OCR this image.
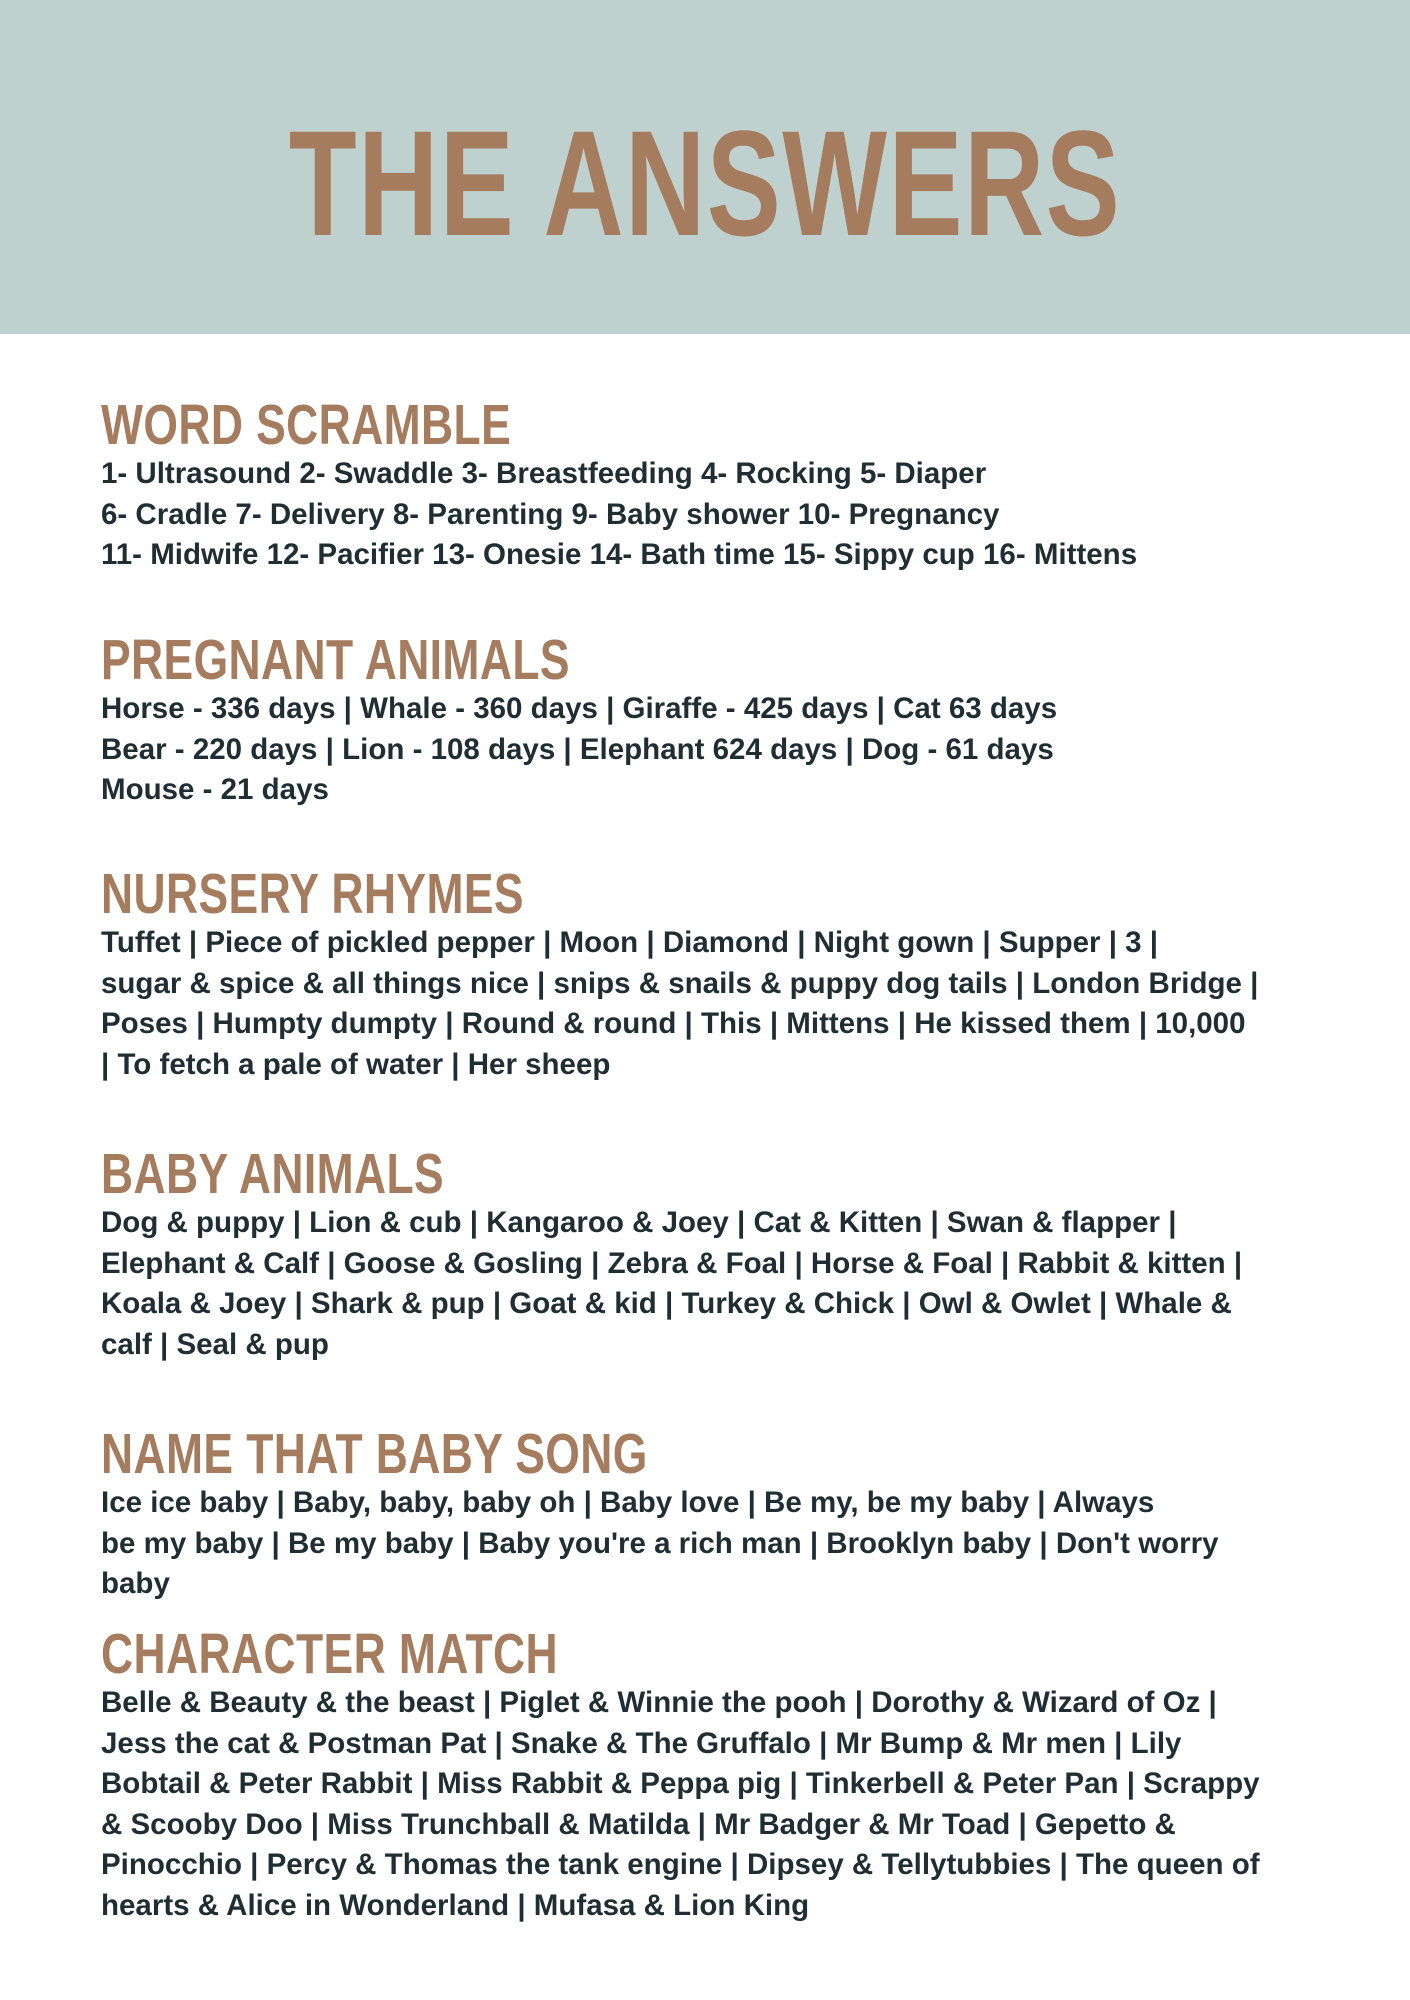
THE ANSWERS
WORD SCRAMBLE

1- Ultrasound 2- Swaddle 3- Breastfeeding 4- Rocking 5- Diaper
6- Cradle 7- Delivery 8- Parenting 9- Baby shower 10- Pregnancy
11- Midwife 12- Pacifier 13- Onesie 14- Bath time 15- Sippy cup 16- Mittens

PREGNANT ANIMALS

Horse - 336 days | Whale - 360 days | Giraffe - 425 days | Cat 63 days
Bear - 220 days | Lion - 108 days | Elephant 624 days | Dog - 61 days
Mouse - 21 days

NURSERY RHYMES

Tuffet | Piece of pickled pepper | Moon | Diamond | Night gown | Supper | 3 |
sugar & spice & all things nice | snips & snails & puppy dog tails | London Bridge |
Poses | Humpty dumpty | Round & round | This | Mittens | He kissed them | 10,000
| To fetch a pale of water | Her sheep

BABY ANIMALS

Dog & puppy | Lion & cub | Kangaroo & Joey | Cat & Kitten | Swan & flapper |
Elephant & Calf | Goose & Gosling | Zebra & Foal | Horse & Foal | Rabbit & kitten |
Koala & Joey | Shark & pup | Goat & kid | Turkey & Chick | Owl & Owlet | Whale &
calf | Seal & pup

NAME THAT BABY SONG

Ice ice baby | Baby, baby, baby oh | Baby love | Be my, be my baby | Always
be my baby | Be my baby | Baby you're a rich man | Brooklyn baby | Don't worry
baby

CHARACTER MATCH

Belle & Beauty & the beast | Piglet & Winnie the pooh | Dorothy & Wizard of Oz |
Jess the cat & Postman Pat | Snake & The Gruffalo | Mr Bump & Mr men | Lily
Bobtail & Peter Rabbit | Miss Rabbit & Peppa pig | Tinkerbell & Peter Pan | Scrappy
& Scooby Doo | Miss Trunchball & Matilda | Mr Badger & Mr Toad | Gepetto &
Pinocchio | Percy & Thomas the tank engine | Dipsey & Tellytubbies | The queen of
hearts & Alice in Wonderland | Mufasa & Lion King
